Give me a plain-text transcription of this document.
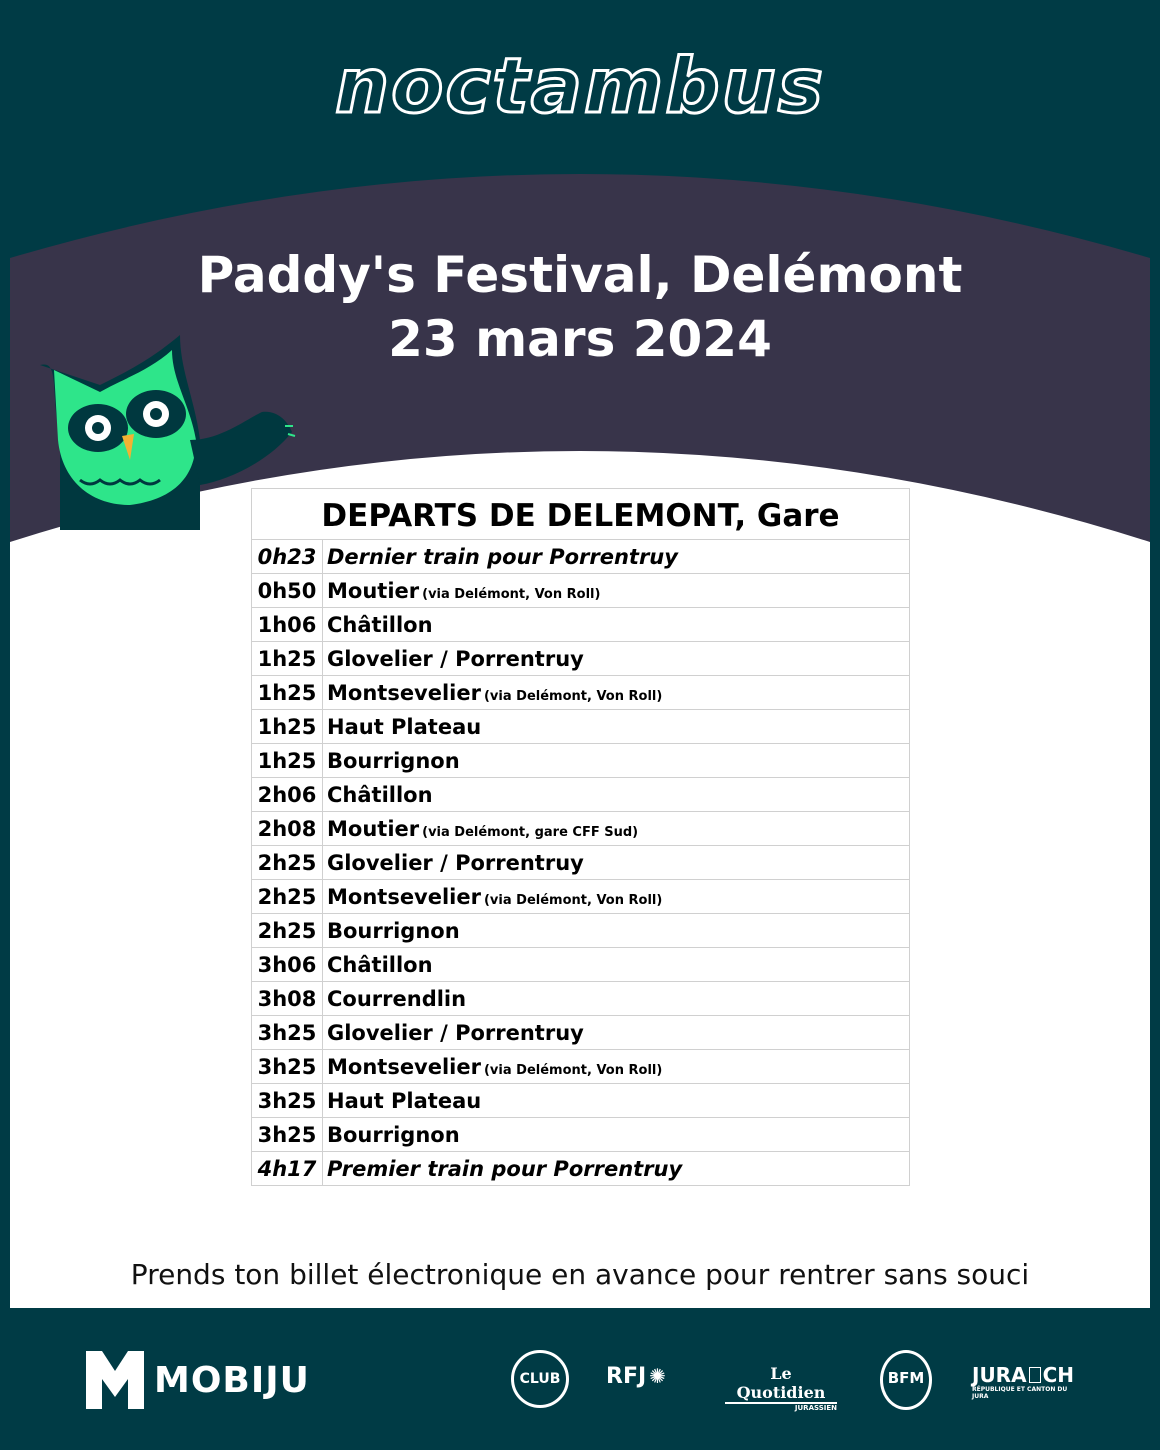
noctambus
Paddy's Festival, Delémont
23 mars 2024
DEPARTS DE DELEMONT, Gare
0h23 Dernier train pour Porrentruy
0h50 Moutier (via Delémont, Von Roll)
1h06 Châtillon
1h25 Glovelier / Porrentruy
1h25 Montsevelier (via Delémont, Von Roll)
1h25 Haut Plateau
1h25 Bourrignon
2h06 Châtillon
2h08 Moutier (via Delémont, gare CFF Sud)
2h25 Glovelier / Porrentruy
2h25 Montsevelier (via Delémont, Von Roll)
2h25 Bourrignon
3h06 Châtillon
3h08 Courrendlin
3h25 Glovelier / Porrentruy
3h25 Montsevelier (via Delémont, Von Roll)
3h25 Haut Plateau
3h25 Bourrignon
4h17 Premier train pour Porrentruy
Prends ton billet électronique en avance pour rentrer sans souci
MOBIJU	CLUB	RFJ ✺	Le Quotidien
JURASSIEN
BFM	JURA CH
RÉPUBLIQUE ET CANTON DU JURA
